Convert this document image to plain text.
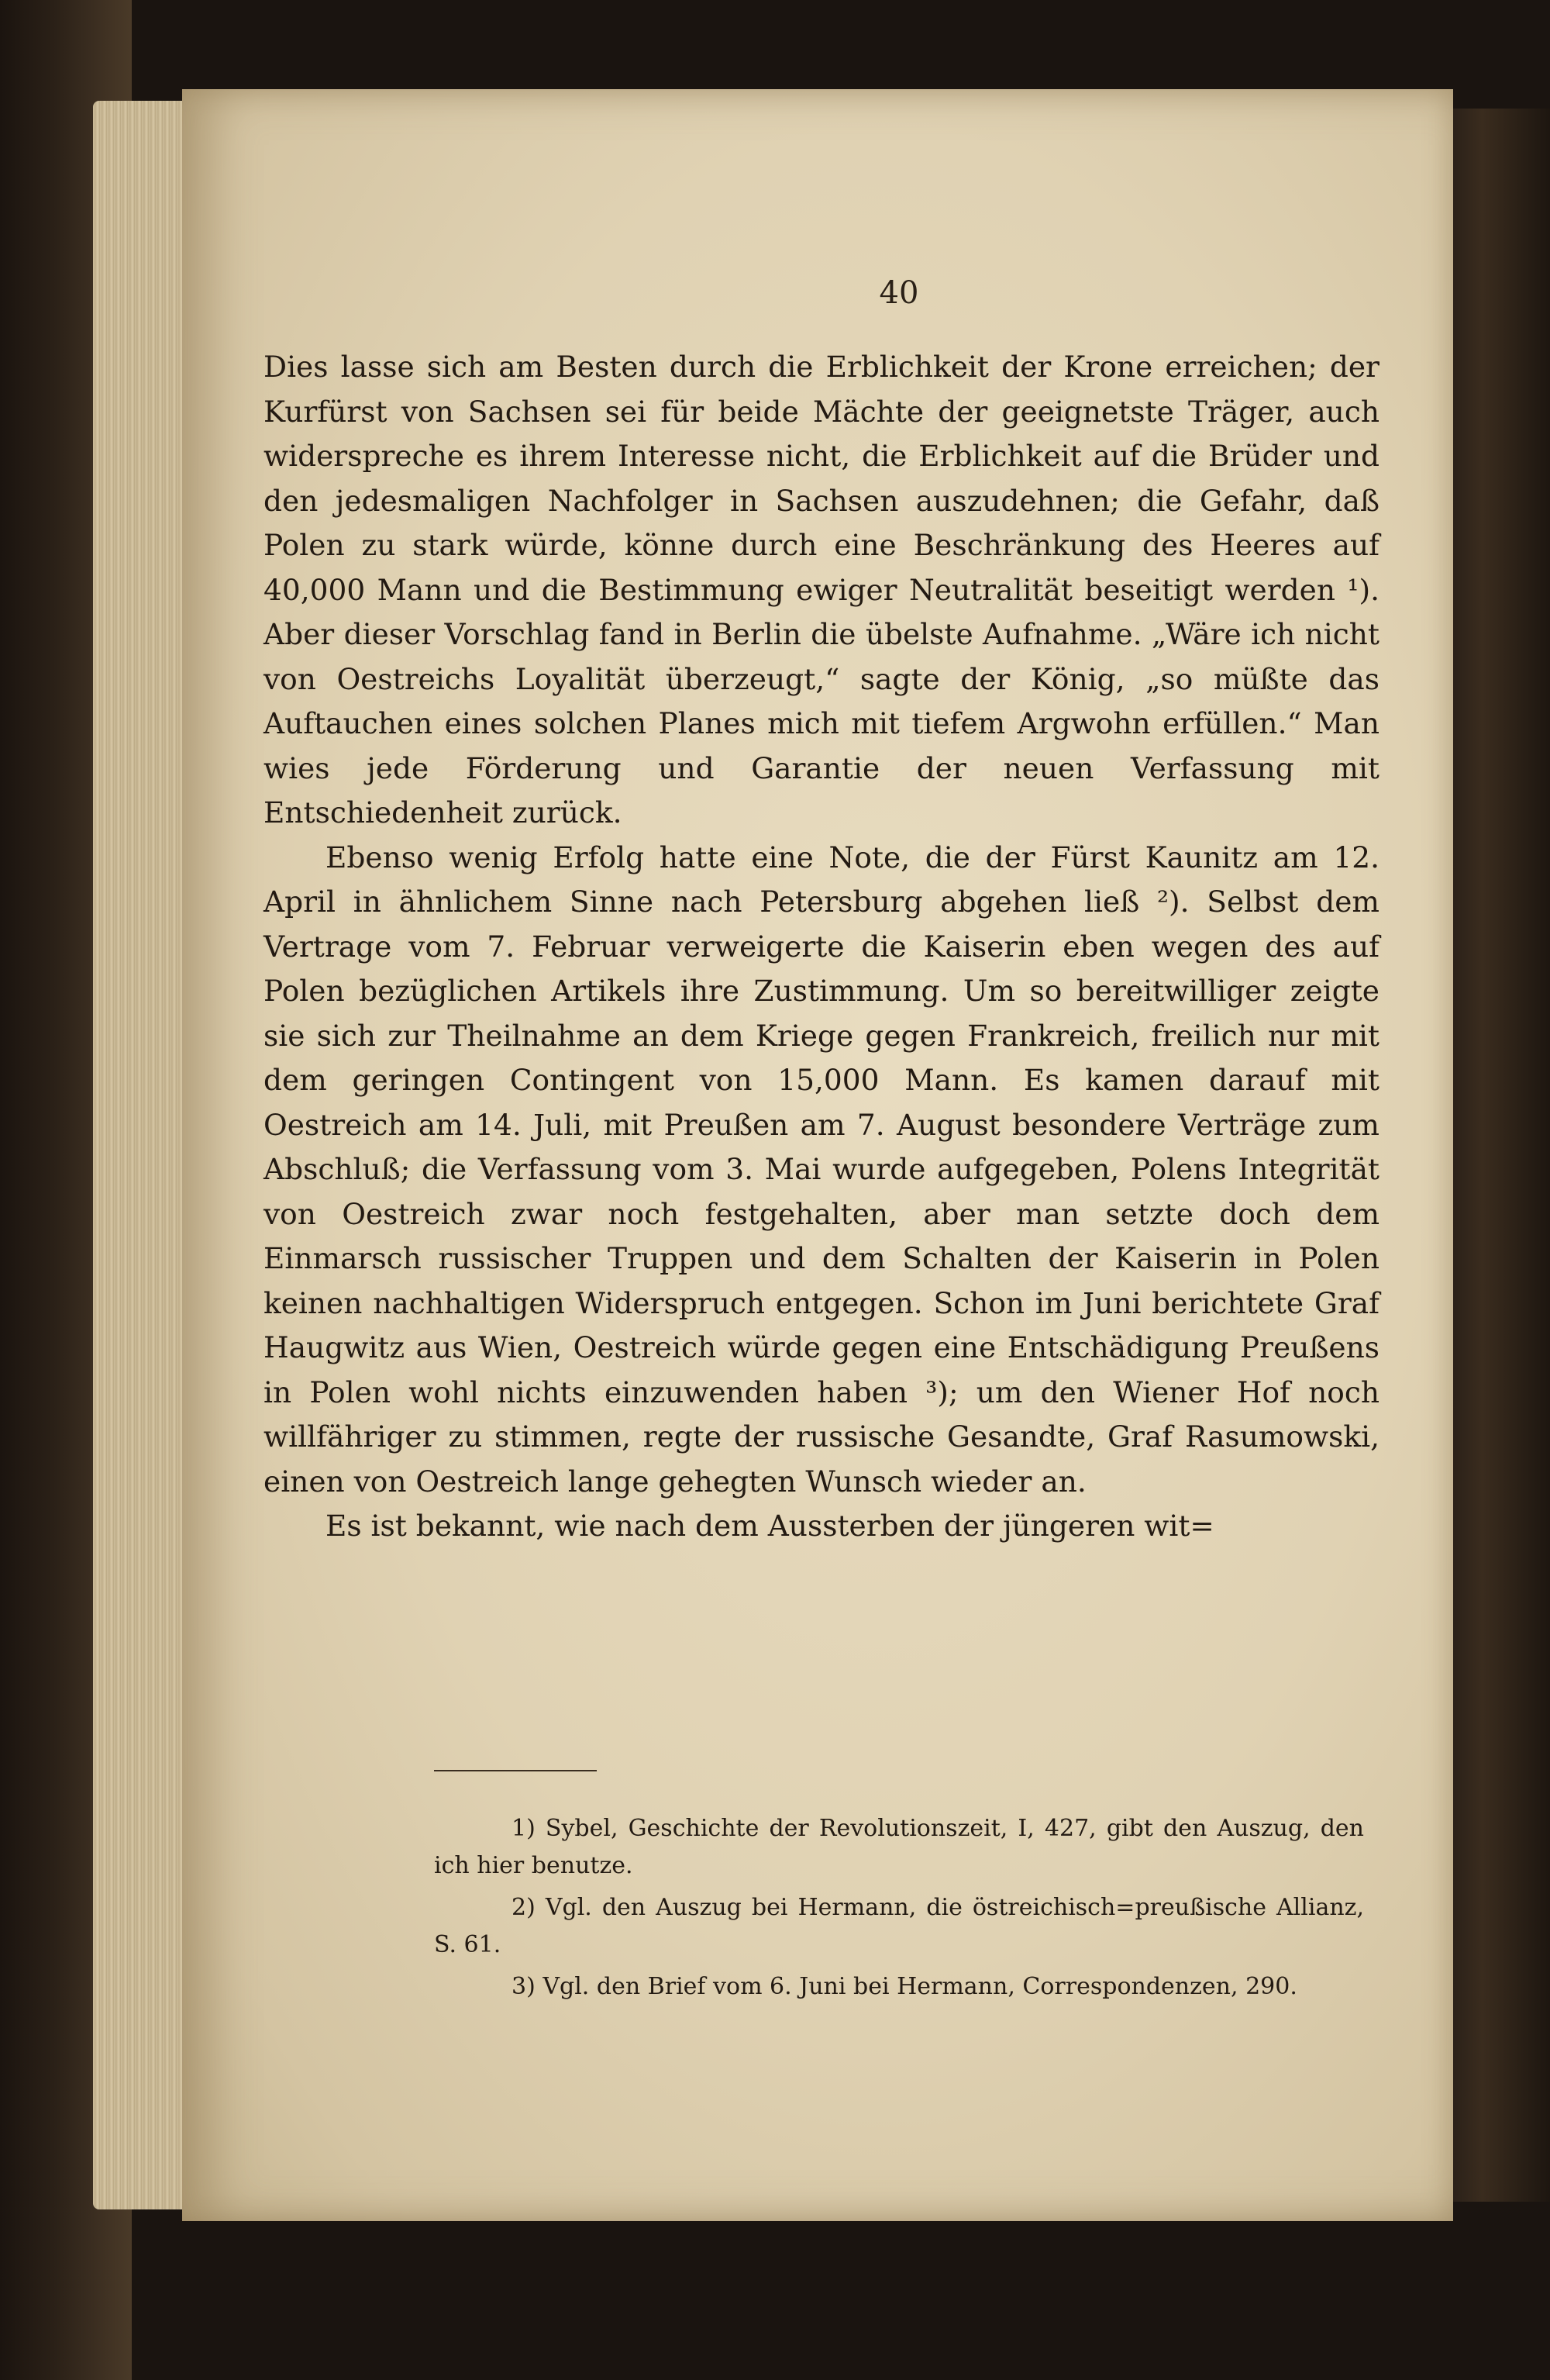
40

Dies lasse sich am Besten durch die Erblichkeit der Krone erreichen; der Kurfürst von Sachsen sei für beide Mächte der geeignetste Träger, auch widerspreche es ihrem Interesse nicht, die Erblichkeit auf die Brüder und den jedesmaligen Nachfolger in Sachsen auszudehnen; die Gefahr, daß Polen zu stark würde, könne durch eine Beschränkung des Heeres auf 40,000 Mann und die Bestimmung ewiger Neutralität beseitigt werden ¹). Aber dieser Vorschlag fand in Berlin die übelste Aufnahme. „Wäre ich nicht von Oestreichs Loyalität überzeugt,“ sagte der König, „so müßte das Auftauchen eines solchen Planes mich mit tiefem Argwohn erfüllen.“ Man wies jede Förderung und Garantie der neuen Verfassung mit Entschiedenheit zurück.

Ebenso wenig Erfolg hatte eine Note, die der Fürst Kaunitz am 12. April in ähnlichem Sinne nach Petersburg abgehen ließ ²). Selbst dem Vertrage vom 7. Februar verweigerte die Kaiserin eben wegen des auf Polen bezüglichen Artikels ihre Zustimmung. Um so bereitwilliger zeigte sie sich zur Theilnahme an dem Kriege gegen Frankreich, freilich nur mit dem geringen Contingent von 15,000 Mann. Es kamen darauf mit Oestreich am 14. Juli, mit Preußen am 7. August besondere Verträge zum Abschluß; die Verfassung vom 3. Mai wurde aufgegeben, Polens Integrität von Oestreich zwar noch festgehalten, aber man setzte doch dem Einmarsch russischer Truppen und dem Schalten der Kaiserin in Polen keinen nachhaltigen Widerspruch entgegen. Schon im Juni berichtete Graf Haugwitz aus Wien, Oestreich würde gegen eine Entschädigung Preußens in Polen wohl nichts einzuwenden haben ³); um den Wiener Hof noch willfähriger zu stimmen, regte der russische Gesandte, Graf Rasumowski, einen von Oestreich lange gehegten Wunsch wieder an.

Es ist bekannt, wie nach dem Aussterben der jüngeren wit=

1) Sybel, Geschichte der Revolutionszeit, I, 427, gibt den Auszug, den ich hier benutze.

2) Vgl. den Auszug bei Hermann, die östreichisch=preußische Allianz, S. 61.

3) Vgl. den Brief vom 6. Juni bei Hermann, Correspondenzen, 290.
